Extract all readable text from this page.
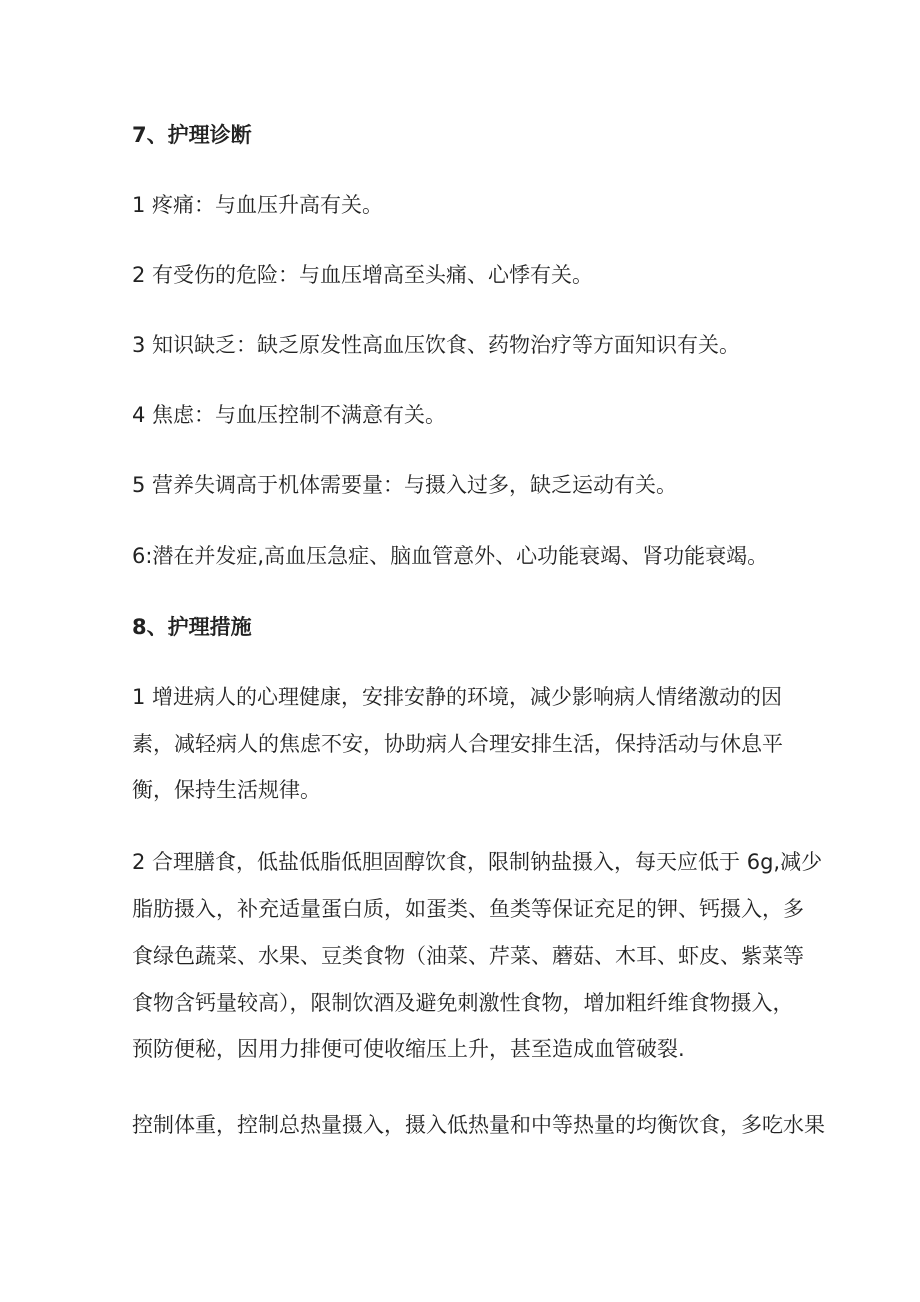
7、护理诊断
1 疼痛：与血压升高有关。
2 有受伤的危险：与血压增高至头痛、心悸有关。
3 知识缺乏：缺乏原发性高血压饮食、药物治疗等方面知识有关。
4 焦虑：与血压控制不满意有关。
5 营养失调高于机体需要量：与摄入过多，缺乏运动有关。
6:潜在并发症,高血压急症、脑血管意外、心功能衰竭、肾功能衰竭。
8、护理措施
1 增进病人的心理健康，安排安静的环境，减少影响病人情绪激动的因
素，减轻病人的焦虑不安，协助病人合理安排生活，保持活动与休息平
衡，保持生活规律。
2 合理膳食，低盐低脂低胆固醇饮食，限制钠盐摄入，每天应低于 6g,减少
脂肪摄入，补充适量蛋白质，如蛋类、鱼类等保证充足的钾、钙摄入，多
食绿色蔬菜、水果、豆类食物（油菜、芹菜、蘑菇、木耳、虾皮、紫菜等
食物含钙量较高），限制饮酒及避免刺激性食物，增加粗纤维食物摄入，
预防便秘，因用力排便可使收缩压上升，甚至造成血管破裂.
控制体重，控制总热量摄入，摄入低热量和中等热量的均衡饮食，多吃水果
